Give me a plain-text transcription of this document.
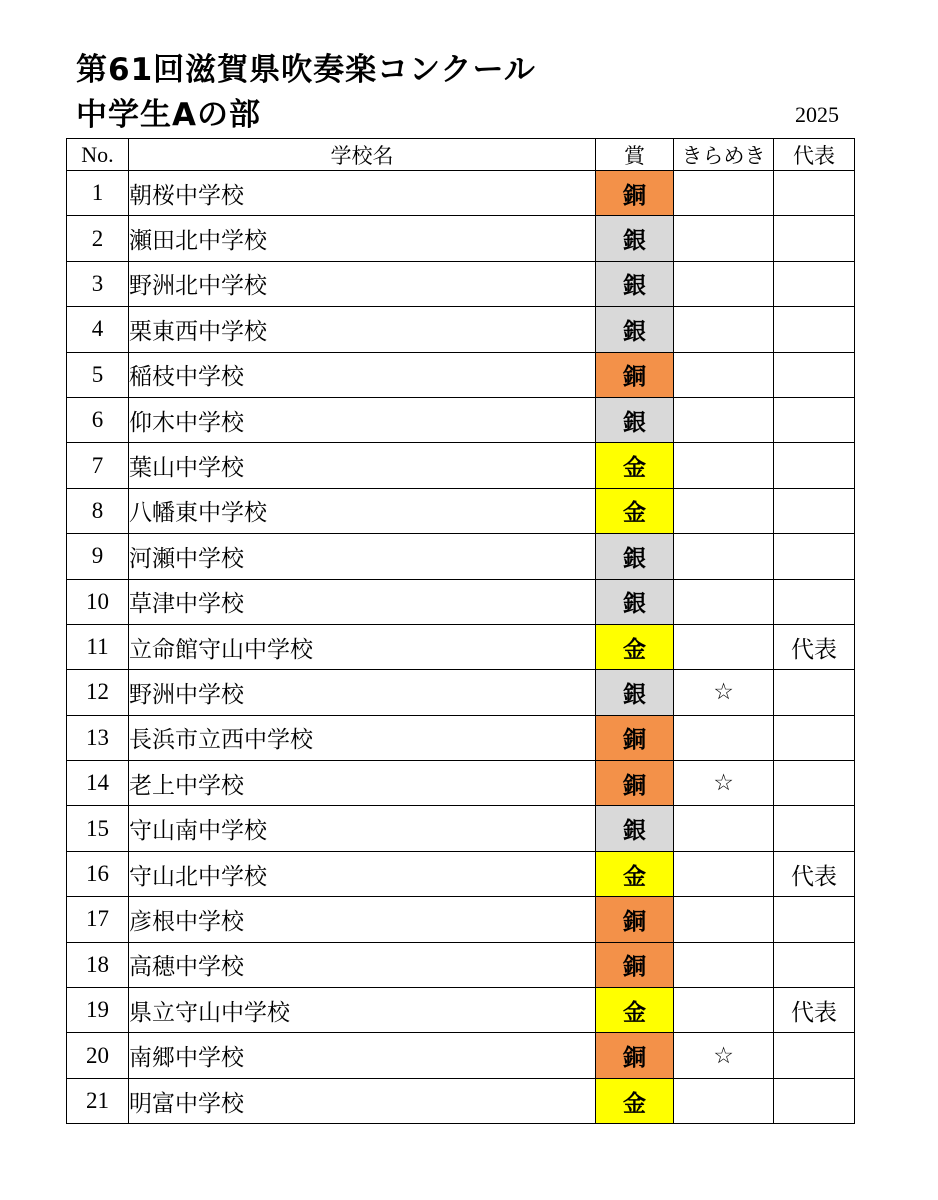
第61回滋賀県吹奏楽コンクール
中学生Aの部	2025
No.	学校名	賞	きらめき	代表
1	朝桜中学校	銅		
2	瀬田北中学校	銀		
3	野洲北中学校	銀		
4	栗東西中学校	銀		
5	稲枝中学校	銅		
6	仰木中学校	銀		
7	葉山中学校	金		
8	八幡東中学校	金		
9	河瀬中学校	銀		
10	草津中学校	銀		
11	立命館守山中学校	金		代表
12	野洲中学校	銀	☆	
13	長浜市立西中学校	銅		
14	老上中学校	銅	☆	
15	守山南中学校	銀		
16	守山北中学校	金		代表
17	彦根中学校	銅		
18	高穂中学校	銅		
19	県立守山中学校	金		代表
20	南郷中学校	銅	☆	
21	明富中学校	金		
